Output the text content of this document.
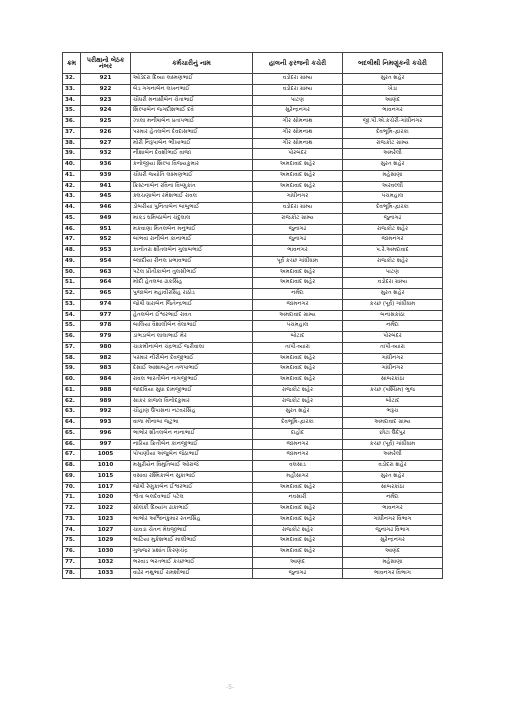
ક્રમ	પરીક્ષાનો બેઠક નંબર	કર્મચારીનું નામ	હાલની ફરજની કચેરી	બદલીથી નિમણૂંકની કચેરી
32.	921	ઓડેદરા દિવ્યા લક્ષ્મણભાઈ	વડોદરા ગ્રામ્ય	સુરત શહેર
33.	922	બેડ ગગનાબેન લખનભાઈ	વડોદરા ગ્રામ્ય	ખેડા
34.	923	ચૌધરી મનાક્ષીબેન ચેતાભાઈ	પાટણ	આણંદ
35.	924	શિલ્પાબેન જગદીશભાઈ દવે	સુરેન્દ્રનગર	ભાવનગર
36.	925	ઝાલા મનીષાબેન પ્રતાપભાઈ	ગીર સોમનાથ	જી.પી.એ.કચેરી-ગાંધીનગર
37.	926	પરમાર હેતલબેન દેવદાસભાઈ	ગીર સોમનાથ	દેવભૂમિ-દ્વારકા
38.	927	મોરી નિરૂપાબેન ભીખાભાઈ	ગીર સોમનાથ	રાજકોટ ગ્રામ્ય
39.	932	નીશાબેન દેવશીભાઈ વાજા	પોરબંદર	અમરેલી
40.	936	કનોજીયા શિલ્પા વિજયકુમાર	અમદાવાદ શહેર	સુરત શહેર
41.	939	ચૌધરી જ્યોતિ લક્ષ્મણભાઈ	અમદાવાદ શહેર	મહેસાણા
42.	941	ક્રિસ્ટનાબેન રવિના વિષ્ણુકાંત	અમદાવાદ શહેર	અરવલ્લી
43.	945	ક્લચણાબેન રમેશભાઈ રાવલ	ગાંધીનગર	પંચમહાલ
44.	946	ડોબરીયા પુનિતાબેન બાબુભાઈ	વડોદરા ગ્રામ્ય	દેવભૂમિ-દ્વારકા
45.	949	માકડ ઘમિષ્ઠાબેન ચંદુલાલ	રાજકોટ ગ્રામ્ય	જુનાગઢ
46.	951	મકવાણા મિતલબેન મનુભાઈ	જુનાગઢ	રાજકોટ શહેર
47.	952	બાંભવા રાનીબેન કાનાભાઈ	જુનાગઢ	જામનગર
48.	953	કાનોતરા શીતલબેન ગુલાબભાઈ	ભાવનગર	પ.રે.અમદાવાદ
49.	954	બ્લાદીયા રીનલ પ્રભાવભાઈ	પૂર્વ કચ્છ ગાંધીધામ	રાજકોટ શહેર
50.	963	પટેલ પ્રીતીકાબેન તુલસીભાઈ	અમદાવાદ શહેર	પાટણ
51.	964	મોદી હેતલબા ઢાકસિંહ	અમદાવાદ શહેર	વડોદરા ગ્રામ્ય
52.	965	પુજાબેન મહાવીરસિંહ રાઠોડ	નર્મદા	સુરત શહેર
53.	974	જોષી ધારાબેન જિતેન્દ્રભાઈ	જામનગર	કચ્છ (પૂર્વ) ગાંધીધામ
54.	977	હેતલબેન ઈશ્વરભાઈ રાવત	અમદાવાદ ગ્રામ્ય	બનાસકાંઠા
55.	978	બાલિયા વૈશાલીબેન વેલાભાઈ	પંચમહાલ	નર્મદા
56.	979	ડાભડાબેન લાલાભાઈ મેર	બોટાદ	પોરબંદર
57.	980	ચાકમીનાબેન ચંદ્રભાઈ જરીવાલા	તાપી-વ્યારા	તાપી-વ્યારા
58.	982	પરમાર નીરીબેન દેવજીભાઈ	અમદાવાદ શહેર	ગાંધીનગર
59.	983	દેસાઈ આશાબહેન તળપાભાઈ	અમદાવાદ શહેર	ગાંધીનગર
60.	984	રાવલ ભારતીબેન નાગજીભાઈ	અમદાવાદ શહેર	સાબરકાંઠા
61.	988	જાદવિયા સુધા દામજીભાઈ	રાજકોટ શહેર	કચ્છ (પશ્ચિમ) ભુજ
62.	989	સાકર કાજલ વિનોદકુમાર	રાજકોટ શહેર	બોટાદ
63.	992	ચૌહાણ ઉપાસના નટવરસિંહ	સુરત શહેર	ભરૂચ
64.	993	વાળા મીનાબા જટુભા	દેવભૂમિ-દ્વારકા	અમદાવાદ ગ્રામ્ય
65.	996	ભાભોર શીતલબેન નાનાભાઈ	દાહોદ	છોટા ઉદેપુર
66.	997	નારિયા ક્રિતીબેન કાનજીભાઈ	જામનગર	કચ્છ (પૂર્વ) ગાંધીધામ
67.	1005	પોપાણીયા અંજુબેન જેઠાભાઈ	જામનગર	અમરેલી
68.	1010	મસુરીયેન વિમુતિબાઈ ઓરાજે	વલસાડ	વડોદરા શહેર
69.	1015	વસાવા રશ્મિકાબેન સુકાભાઈ	મહીસાગર	સુરત શહેર
70.	1017	જોષી રેણુકાબેન ઈશ્વરભાઈ	અમદાવાદ શહેર	સાબરકાંઠા
71.	1020	શ્વેતા બલદેવભાઈ પટેલ	નવસારી	નર્મદા
72.	1022	સોલંકી દિવ્યાંગ ઢાકાભાઈ	અમદાવાદ શહેર	ભાવનગર
73.	1023	ભાભોર અશ્વિનકુમાર રતનસિંહ	અમદાવાદ શહેર	ગાંધીનગર વિભાગ
74.	1027	ચાવડા ચેતન મેઘજીભાઈ	રાજકોટ શહેર	જુનાગઢ વિભાગ
75.	1029	ભાટિયા મુકેશભાઈ માલીભાઈ	અમદાવાદ શહેર	સુરેન્દ્રનગર
76.	1030	ગુજ્જર પ્રશાંત કિરણચંદ્ર	અમદાવાદ શહેર	આણંદ
77.	1032	ભરવાડ ભરતભાઈ કચ્છભાઈ	આણંદ	મહેસાણા
78.	1033	વાઢેર નથુભાઈ રામશીભાઈ	જુનાગઢ	ભાવનગર વિભાગ
-5-
